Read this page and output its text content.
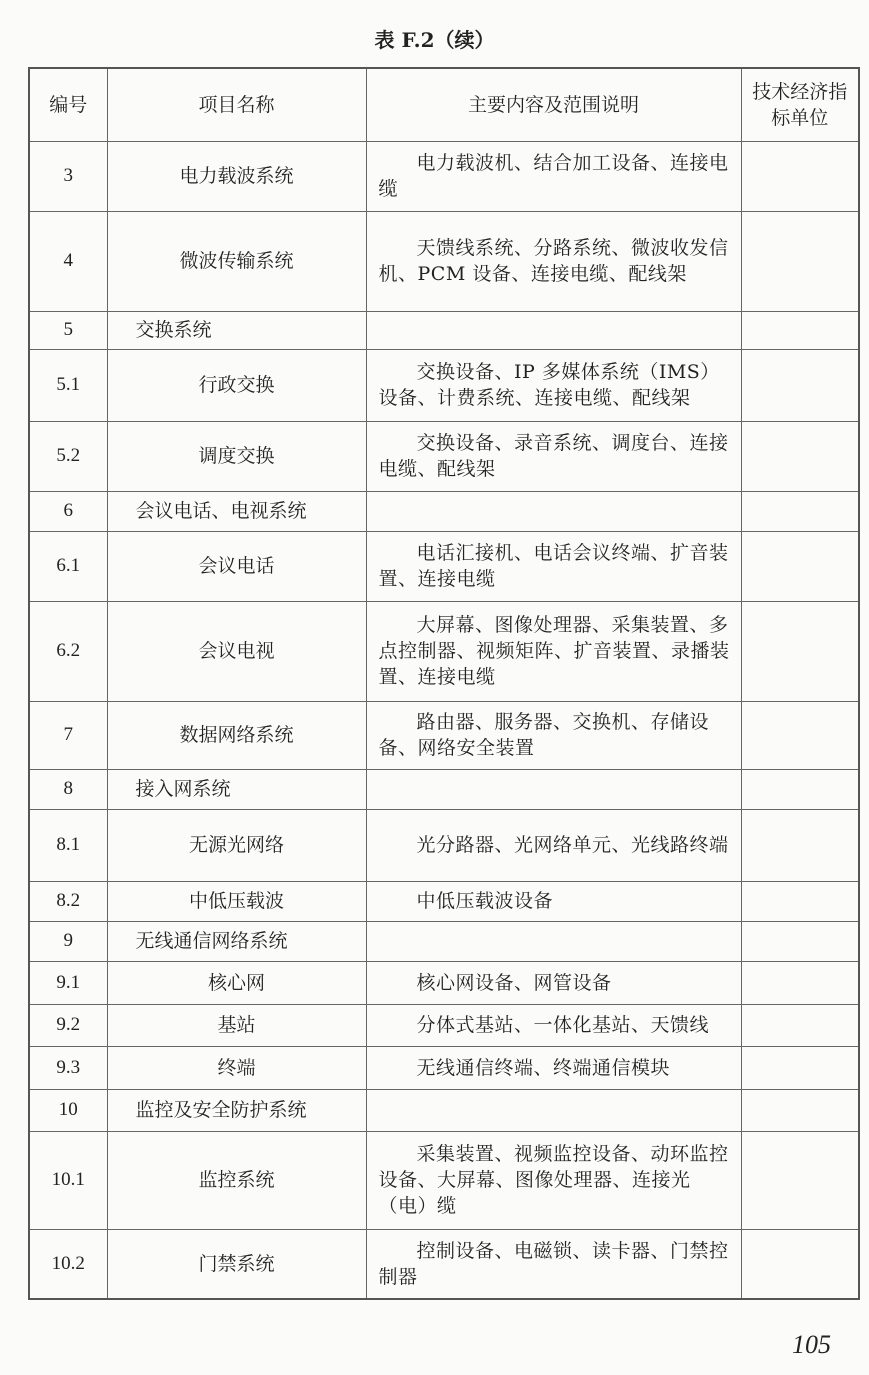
表 F.2（续）
编号	项目名称	主要内容及范围说明	技术经济指标单位
3	电力载波系统	电力载波机、结合加工设备、连接电缆	
4	微波传输系统	天馈线系统、分路系统、微波收发信机、PCM 设备、连接电缆、配线架	
5	交换系统		
5.1	行政交换	交换设备、IP 多媒体系统（IMS）设备、计费系统、连接电缆、配线架	
5.2	调度交换	交换设备、录音系统、调度台、连接电缆、配线架	
6	会议电话、电视系统		
6.1	会议电话	电话汇接机、电话会议终端、扩音装置、连接电缆	
6.2	会议电视	大屏幕、图像处理器、采集装置、多点控制器、视频矩阵、扩音装置、录播装置、连接电缆	
7	数据网络系统	路由器、服务器、交换机、存储设备、网络安全装置	
8	接入网系统		
8.1	无源光网络	光分路器、光网络单元、光线路终端	
8.2	中低压载波	中低压载波设备	
9	无线通信网络系统		
9.1	核心网	核心网设备、网管设备	
9.2	基站	分体式基站、一体化基站、天馈线	
9.3	终端	无线通信终端、终端通信模块	
10	监控及安全防护系统		
10.1	监控系统	采集装置、视频监控设备、动环监控设备、大屏幕、图像处理器、连接光（电）缆	
10.2	门禁系统	控制设备、电磁锁、读卡器、门禁控制器	
105
